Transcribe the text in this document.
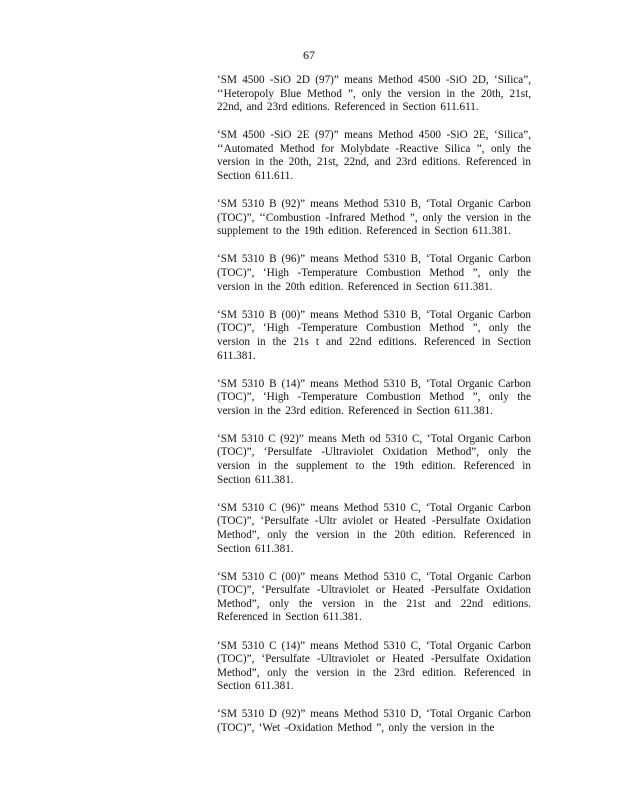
67

‘SM 4500 -SiO 2D (97)” means Method 4500 -SiO 2D, ‘Silica”, ‘‘Heteropoly Blue Method ”, only the version in the 20th, 21st, 22nd, and 23rd editions. Referenced in Section 611.611.

‘SM 4500 -SiO 2E (97)” means Method 4500 -SiO 2E, ‘Silica”, ‘‘Automated Method for Molybdate -Reactive Silica ”, only the version in the 20th, 21st, 22nd, and 23rd editions. Referenced in Section 611.611.

‘SM 5310 B (92)” means Method 5310 B, ‘Total Organic Carbon (TOC)”, ‘‘Combustion -Infrared Method ”, only the version in the supplement to the 19th edition. Referenced in Section 611.381.

‘SM 5310 B (96)” means Method 5310 B, ‘Total Organic Carbon (TOC)”, ‘High -Temperature Combustion Method ”, only the version in the 20th edition. Referenced in Section 611.381.

‘SM 5310 B (00)” means Method 5310 B, ‘Total Organic Carbon (TOC)”, ‘High -Temperature Combustion Method ”, only the version in the 21s t and 22nd editions. Referenced in Section 611.381.

‘SM 5310 B (14)” means Method 5310 B, ‘Total Organic Carbon (TOC)”, ‘High -Temperature Combustion Method ”, only the version in the 23rd edition. Referenced in Section 611.381.

‘SM 5310 C (92)” means Meth od 5310 C, ‘Total Organic Carbon (TOC)”, ‘Persulfate -Ultraviolet Oxidation Method”, only the version in the supplement to the 19th edition. Referenced in Section 611.381.

‘SM 5310 C (96)” means Method 5310 C, ‘Total Organic Carbon (TOC)”, ‘Persulfate -Ultr aviolet or Heated -Persulfate Oxidation Method”, only the version in the 20th edition. Referenced in Section 611.381.

‘SM 5310 C (00)” means Method 5310 C, ‘Total Organic Carbon (TOC)”, ‘Persulfate -Ultraviolet or Heated -Persulfate Oxidation Method”, only the version in the 21st and 22nd editions. Referenced in Section 611.381.

‘SM 5310 C (14)” means Method 5310 C, ‘Total Organic Carbon (TOC)”, ‘Persulfate -Ultraviolet or Heated -Persulfate Oxidation Method”, only the version in the 23rd edition. Referenced in Section 611.381.

‘SM 5310 D (92)” means Method 5310 D, ‘Total Organic Carbon (TOC)”, ‘Wet -Oxidation Method ”, only the version in the
